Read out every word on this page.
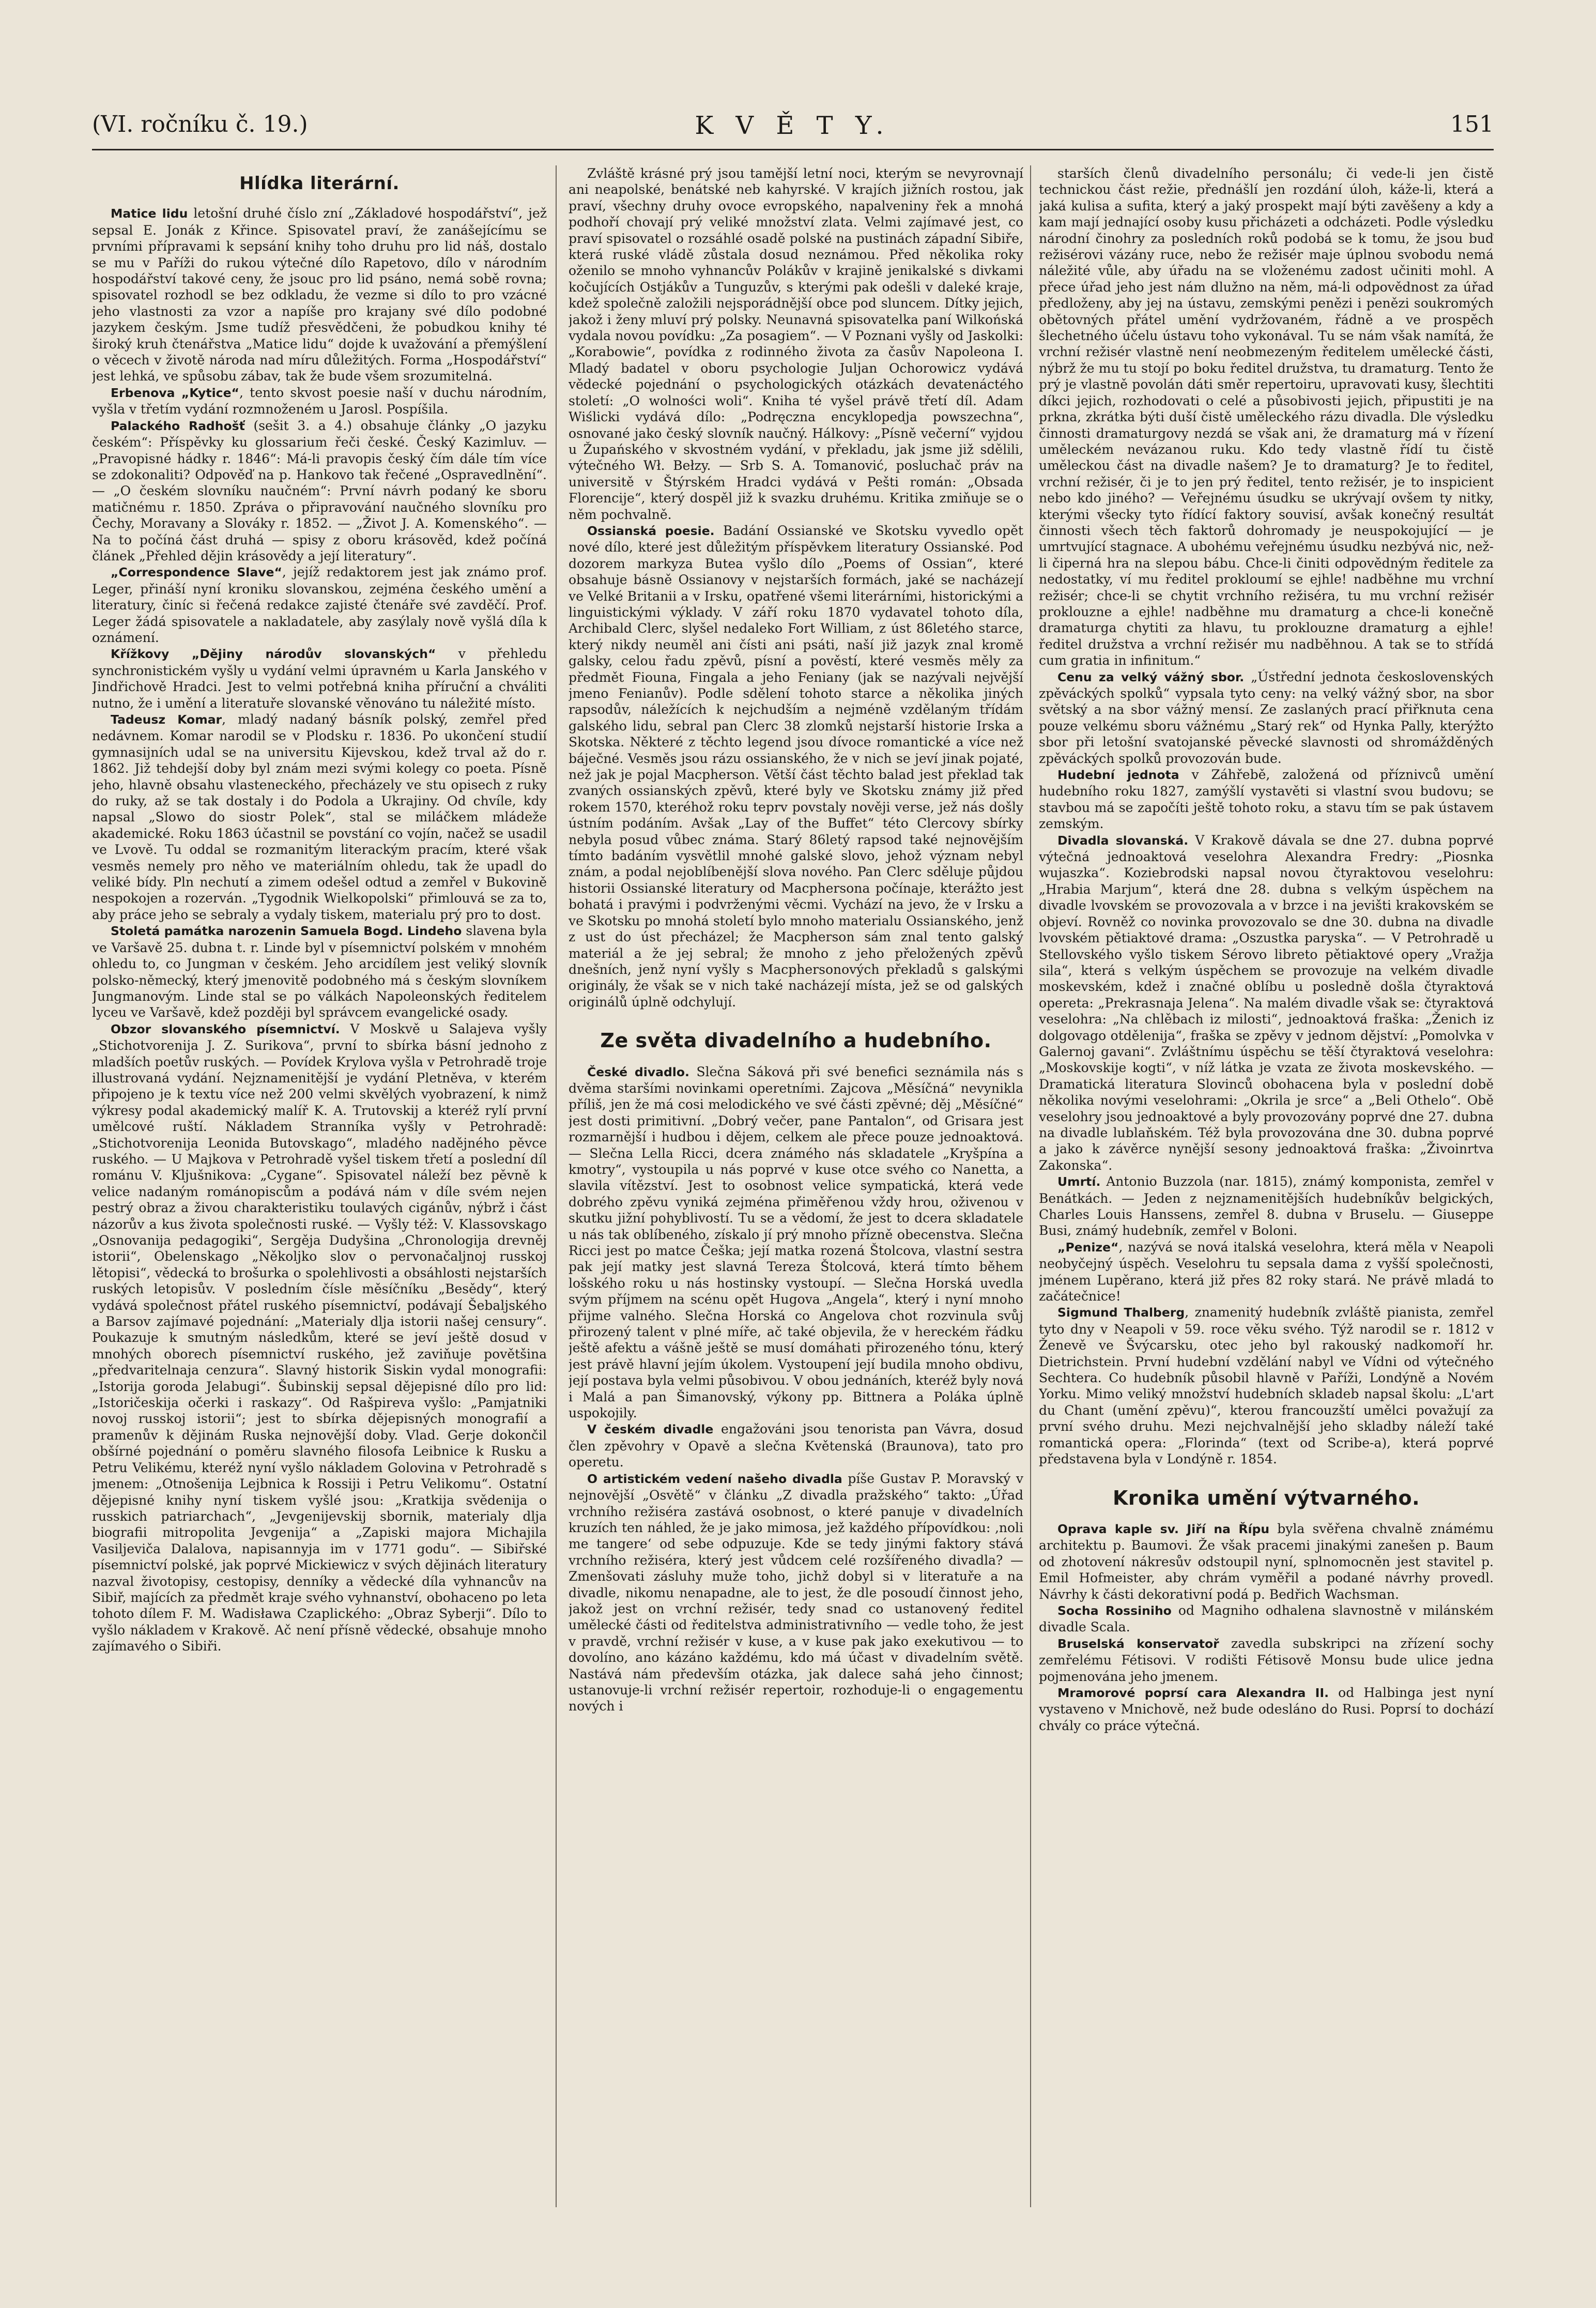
(VI. ročníku č. 19.)	K V Ě T Y.	151
Hlídka literární.

Matice lidu letošní druhé číslo zní „Základové hospodářství“, jež sepsal E. Jonák z Křince. Spisovatel praví, že zanášejícímu se prvními přípravami k sepsání knihy toho druhu pro lid náš, dostalo se mu v Paříži do rukou výtečné dílo Rapetovo, dílo v národním hospodářství takové ceny, že jsouc pro lid psáno, nemá sobě rovna; spisovatel rozhodl se bez odkladu, že vezme si dílo to pro vzácné jeho vlastnosti za vzor a napíše pro krajany své dílo podobné jazykem českým. Jsme tudíž přesvědčeni, že pobudkou knihy té široký kruh čtenářstva „Matice lidu“ dojde k uvažování a přemýšlení o věcech v životě národa nad míru důležitých. Forma „Hospodářství“ jest lehká, ve spůsobu zábav, tak že bude všem srozumitelná.

Erbenova „Kytice“, tento skvost poesie naší v duchu národním, vyšla v třetím vydání rozmnoženém u Jarosl. Pospíšila.

Palackého Radhošť (sešit 3. a 4.) obsahuje články „O jazyku českém“: Příspěvky ku glossarium řeči české. Český Kazimluv. — „Pravopisné hádky r. 1846“: Má-li pravopis český čím dále tím více se zdokonaliti? Odpověď na p. Hankovo tak řečené „Ospravedlnění“. — „O českém slovníku naučném“: První návrh podaný ke sboru matičnému r. 1850. Zpráva o připravování naučného slovníku pro Čechy, Moravany a Slováky r. 1852. — „Život J. A. Komenského“. — Na to počíná část druhá — spisy z oboru krásověd, kdež počíná článek „Přehled dějin krásovědy a její literatury“.

„Correspondence Slave“, jejíž redaktorem jest jak známo prof. Leger, přináší nyní kroniku slovanskou, zejména českého umění a literatury, činíc si řečená redakce zajisté čtenáře své zavděčí. Prof. Leger žádá spisovatele a nakladatele, aby zasýlaly nově vyšlá díla k oznámení.

Křížkovy „Dějiny národův slovanských“ v přehledu synchronistickém vyšly u vydání velmi úpravném u Karla Janského v Jindřichově Hradci. Jest to velmi potřebná kniha příruční a chváliti nutno, že i umění a literatuře slovanské věnováno tu náležité místo.

Tadeusz Komar, mladý nadaný básník polský, zemřel před nedávnem. Komar narodil se v Plodsku r. 1836. Po ukončení studií gymnasijních udal se na universitu Kijevskou, kdež trval až do r. 1862. Již tehdejší doby byl znám mezi svými kolegy co poeta. Písně jeho, hlavně obsahu vlasteneckého, přecházely ve stu opisech z ruky do ruky, až se tak dostaly i do Podola a Ukrajiny. Od chvíle, kdy napsal „Slowo do siostr Polek“, stal se miláčkem mládeže akademické. Roku 1863 účastnil se povstání co vojín, načež se usadil ve Lvově. Tu oddal se rozmanitým literackým pracím, které však vesměs nemely pro něho ve materiálním ohledu, tak že upadl do veliké bídy. Pln nechutí a zimem odešel odtud a zemřel v Bukovině nespokojen a rozerván. „Tygodnik Wielkopolski“ přimlouvá se za to, aby práce jeho se sebraly a vydaly tiskem, materialu prý pro to dost.

Stoletá památka narozenin Samuela Bogd. Lindeho slavena byla ve Varšavě 25. dubna t. r. Linde byl v písemnictví polském v mnohém ohledu to, co Jungman v českém. Jeho arcidílem jest veliký slovník polsko-německý, který jmenovitě podobného má s českým slovníkem Jungmanovým. Linde stal se po válkách Napoleonských ředitelem lyceu ve Varšavě, kdež později byl správcem evangelické osady.

Obzor slovanského písemnictví. V Moskvě u Salajeva vyšly „Stichotvorenija J. Z. Surikova“, první to sbírka básní jednoho z mladších poetův ruských. — Povídek Krylova vyšla v Petrohradě troje illustrovaná vydání. Nejznamenitější je vydání Pletněva, v kterém připojeno je k textu více než 200 velmi skvělých vyobrazení, k nimž výkresy podal akademický malíř K. A. Trutovskij a kteréž rylí první umělcové ruští. Nákladem Stranníka vyšly v Petrohradě: „Stichotvorenija Leonida Butovskago“, mladého nadějného pěvce ruského. — U Majkova v Petrohradě vyšel tiskem třetí a poslední díl románu V. Kljušnikova: „Cygane“. Spisovatel náleží bez pěvně k velice nadaným románopiscům a podává nám v díle svém nejen pestrý obraz a živou charakteristiku toulavých cigánův, nýbrž i část názorův a kus života společnosti ruské. — Vyšly též: V. Klassovskago „Osnovanija pedagogiki“, Sergěja Dudyšina „Chronologija drevněj istorii“, Obelenskago „Několjko slov o pervonačaljnoj russkoj lětopisi“, vědecká to brošurka o spolehlivosti a obsáhlosti nejstarších ruských letopisův. V posledním čísle měsíčníku „Besědy“, který vydává společnost přátel ruského písemnictví, podávají Šebaljského a Barsov zajímavé pojednání: „Materialy dlja istorii našej censury“. Poukazuje k smutným následkům, které se jeví ještě dosud v mnohých oborech písemnictví ruského, jež zaviňuje povětšina „předvaritelnaja cenzura“. Slavný historik Siskin vydal monografii: „Istorija goroda Jelabugi“. Šubinskij sepsal dějepisné dílo pro lid: „Istoričeskija očerki i raskazy“. Od Rašpireva vyšlo: „Pamjatniki novoj russkoj istorii“; jest to sbírka dějepisných monografií a pramenův k dějinám Ruska nejnovější doby. Vlad. Gerje dokončil obšírné pojednání o poměru slavného filosofa Leibnice k Rusku a Petru Velikému, kteréž nyní vyšlo nákladem Golovina v Petrohradě s jmenem: „Otnošenija Lejbnica k Rossiji i Petru Velikomu“. Ostatní dějepisné knihy nyní tiskem vyšlé jsou: „Kratkija svědenija o russkich patriarchach“, „Jevgenijevskij sbornik, materialy dlja biografii mitropolita Jevgenija“ a „Zapiski majora Michajila Vasiljeviča Dalalova, napisannyja im v 1771 godu“. — Sibiřské písemnictví polské, jak poprvé Mickiewicz v svých dějinách literatury nazval životopisy, cestopisy, denníky a vědecké díla vyhnancův na Sibiř, majících za předmět kraje svého vyhnanství, obohaceno po leta tohoto dílem F. M. Wadisława Czaplického: „Obraz Syberji“. Dílo to vyšlo nákladem v Krakově. Ač není přísně vědecké, obsahuje mnoho zajímavého o Sibiři.

Zvláště krásné prý jsou tamější letní noci, kterým se nevyrovnají ani neapolské, benátské neb kahyrské. V krajích jižních rostou, jak praví, všechny druhy ovoce evropského, napalveniny řek a mnohá podhoří chovají prý veliké množství zlata. Velmi zajímavé jest, co praví spisovatel o rozsáhlé osadě polské na pustinách západní Sibiře, která ruské vládě zůstala dosud neznámou. Před několika roky oženilo se mnoho vyhnancův Polákův v krajině jenikalské s divkami kočujících Ostjákův a Tunguzův, s kterými pak odešli v daleké kraje, kdež společně založili nejsporádnější obce pod sluncem. Dítky jejich, jakož i ženy mluví prý polsky. Neunavná spisovatelka paní Wilkońská vydala novou povídku: „Za posagiem“. — V Poznani vyšly od Jaskolki: „Korabowie“, povídka z rodinného života za časův Napoleona I. Mladý badatel v oboru psychologie Juljan Ochorowicz vydává vědecké pojednání o psychologických otázkách devatenáctého století: „O wolności woli“. Kniha té vyšel právě třetí díl. Adam Wiślicki vydává dílo: „Podręczna encyklopedja powszechna“, osnované jako český slovník naučný. Hálkovy: „Písně večerní“ vyjdou u Župańského v skvostném vydání, v překladu, jak jsme již sdělili, výtečného Wł. Bełzy. — Srb S. A. Tomanović, posluchač práv na universitě v Štýrském Hradci vydává v Pešti román: „Obsada Florencije“, který dospěl již k svazku druhému. Kritika zmiňuje se o něm pochvalně.

Ossianská poesie. Badání Ossianské ve Skotsku vyvedlo opět nové dílo, které jest důležitým příspěvkem literatury Ossianské. Pod dozorem markyza Butea vyšlo dílo „Poems of Ossian“, které obsahuje básně Ossianovy v nejstarších formách, jaké se nacházejí ve Velké Britanii a v Irsku, opatřené všemi literárními, historickými a linguistickými výklady. V září roku 1870 vydavatel tohoto díla, Archibald Clerc, slyšel nedaleko Fort William, z úst 86letého starce, který nikdy neuměl ani čísti ani psáti, naší již jazyk znal kromě galsky, celou řadu zpěvů, písní a pověstí, které vesměs měly za předmět Fiouna, Fingala a jeho Feniany (jak se nazývali nejvější jmeno Fenianův). Podle sdělení tohoto starce a několika jiných rapsodův, náležících k nejchudším a nejméně vzdělaným třídám galského lidu, sebral pan Clerc 38 zlomků nejstarší historie Irska a Skotska. Některé z těchto legend jsou dívoce romantické a více než báječné. Vesměs jsou rázu ossianského, že v nich se jeví jinak pojaté, než jak je pojal Macpherson. Větší část těchto balad jest překlad tak zvaných ossianských zpěvů, které byly ve Skotsku známy již před rokem 1570, kteréhož roku teprv povstaly nověji verse, jež nás došly ústním podáním. Avšak „Lay of the Buffet“ této Clercovy sbírky nebyla posud vůbec známa. Starý 86letý rapsod také nejnovějším tímto badáním vysvětlil mnohé galské slovo, jehož význam nebyl znám, a podal nejoblíbenější slova nového. Pan Clerc sděluje půjdou historii Ossianské literatury od Macphersona počínaje, kterážto jest bohatá i pravými i podvrženými věcmi. Vychází na jevo, že v Irsku a ve Skotsku po mnohá století bylo mnoho materialu Ossianského, jenž z ust do úst přecházel; že Macpherson sám znal tento galský materiál a že jej sebral; že mnoho z jeho přeložených zpěvů dnešních, jenž nyní vyšly s Macphersonových překladů s galskými originály, že však se v nich také nacházejí místa, jež se od galských originálů úplně odchylují.

Ze světa divadelního a hudebního.

České divadlo. Slečna Sáková při své benefici seznámila nás s dvěma staršími novinkami operetními. Zajcova „Měsíčná“ nevynikla příliš, jen že má cosi melodického ve své části zpěvné; děj „Měsíčné“ jest dosti primitivní. „Dobrý večer, pane Pantalon“, od Grisara jest rozmarnější i hudbou i dějem, celkem ale přece pouze jednoaktová. — Slečna Lella Ricci, dcera známého nás skladatele „Kryšpína a kmotry“, vystoupila u nás poprvé v kuse otce svého co Nanetta, a slavila vítězství. Jest to osobnost velice sympatická, která vede dobrého zpěvu vyniká zejména přiměřenou vždy hrou, oživenou v skutku jižní pohyblivostí. Tu se a vědomí, že jest to dcera skladatele u nás tak oblíbeného, získalo jí prý mnoho přízně obecenstva. Slečna Ricci jest po matce Češka; její matka rozená Štolcova, vlastní sestra pak její matky jest slavná Tereza Štolcová, která tímto během lošského roku u nás hostinsky vystoupí. — Slečna Horská uvedla svým příjmem na scénu opět Hugova „Angela“, který i nyní mnoho přijme valného. Slečna Horská co Angelova chot rozvinula svůj přirozený talent v plné míře, ač také objevila, že v hereckém řádku ještě afektu a vášně ještě se musí domáhati přirozeného tónu, který jest právě hlavní jejím úkolem. Vystoupení její budila mnoho obdivu, její postava byla velmi působivou. V obou jednáních, kteréž byly nová i Malá a pan Šimanovský, výkony pp. Bittnera a Poláka úplně uspokojily.

V českém divadle engažováni jsou tenorista pan Vávra, dosud člen zpěvohry v Opavě a slečna Květenská (Braunova), tato pro operetu.

O artistickém vedení našeho divadla píše Gustav P. Moravský v nejnovější „Osvětě“ v článku „Z divadla pražského“ takto: „Úřad vrchního režiséra zastává osobnost, o které panuje v divadelních kruzích ten náhled, že je jako mimosa, jež každého přípovídkou: ‚noli me tangere‘ od sebe odpuzuje. Kde se tedy jinými faktory stává vrchního režiséra, který jest vůdcem celé rozšířeného divadla? — Zmenšovati zásluhy muže toho, jichž dobyl si v literatuře a na divadle, nikomu nenapadne, ale to jest, že dle posoudí činnost jeho, jakož jest on vrchní režisér, tedy snad co ustanovený ředitel umělecké části od ředitelstva administrativního — vedle toho, že jest v pravdě, vrchní režisér v kuse, a v kuse pak jako exekutivou — to dovolíno, ano kázáno každému, kdo má účast v divadelním světě. Nastává nám především otázka, jak dalece sahá jeho činnost; ustanovuje-li vrchní režisér repertoir, rozhoduje-li o engagementu nových i

starších členů divadelního personálu; či vede-li jen čistě technickou část režie, přednášlí jen rozdání úloh, káže-li, která a jaká kulisa a sufita, který a jaký prospekt mají býti zavěšeny a kdy a kam mají jednající osoby kusu přicházeti a odcházeti. Podle výsledku národní činohry za posledních roků podobá se k tomu, že jsou buď režisérovi vázány ruce, nebo že režisér maje úplnou svobodu nemá náležité vůle, aby úřadu na se vloženému zadost učiniti mohl. A přece úřad jeho jest nám dlužno na něm, má-li odpovědnost za úřad předloženy, aby jej na ústavu, zemskými penězi i penězi soukromých obětovných přátel umění vydržovaném, řádně a ve prospěch šlechetného účelu ústavu toho vykonával. Tu se nám však namítá, že vrchní režisér vlastně není neobmezeným ředitelem umělecké části, nýbrž že mu tu stojí po boku ředitel družstva, tu dramaturg. Tento že prý je vlastně povolán dáti směr repertoiru, upravovati kusy, šlechtiti díkci jejich, rozhodovati o celé a působivosti jejich, připustiti je na prkna, zkrátka býti duší čistě uměleckého rázu divadla. Dle výsledku činnosti dramaturgovy nezdá se však ani, že dramaturg má v řízení uměleckém nevázanou ruku. Kdo tedy vlastně řídí tu čistě uměleckou část na divadle našem? Je to dramaturg? Je to ředitel, vrchní režisér, či je to jen prý ředitel, tento režisér, je to inspicient nebo kdo jiného? — Veřejnému úsudku se ukrývají ovšem ty nitky, kterými všecky tyto řídící faktory souvisí, avšak konečný resultát činnosti všech těch faktorů dohromady je neuspokojující — je umrtvující stagnace. A ubohému veřejnému úsudku nezbývá nic, než-li čiperná hra na slepou bábu. Chce-li činiti odpovědným ředitele za nedostatky, ví mu ředitel prokloumí se ejhle! nadběhne mu vrchní režisér; chce-li se chytit vrchního režiséra, tu mu vrchní režisér proklouzne a ejhle! nadběhne mu dramaturg a chce-li konečně dramaturga chytiti za hlavu, tu proklouzne dramaturg a ejhle! ředitel družstva a vrchní režisér mu nadběhnou. A tak se to střídá cum gratia in infinitum.“

Cenu za velký vážný sbor. „Ústřední jednota československých zpěváckých spolků“ vypsala tyto ceny: na velký vážný sbor, na sbor světský a na sbor vážný mensí. Ze zaslaných prací přiřknuta cena pouze velkému sboru vážnému „Starý rek“ od Hynka Pally, kterýžto sbor při letošní svatojanské pěvecké slavnosti od shromážděných zpěváckých spolků provozován bude.

Hudební jednota v Záhřebě, založená od příznivců umění hudebního roku 1827, zamýšlí vystavěti si vlastní svou budovu; se stavbou má se započíti ještě tohoto roku, a stavu tím se pak ústavem zemským.

Divadla slovanská. V Krakově dávala se dne 27. dubna poprvé výtečná jednoaktová veselohra Alexandra Fredry: „Piosnka wujaszka“. Koziebrodski napsal novou čtyraktovou veselohru: „Hrabia Marjum“, která dne 28. dubna s velkým úspěchem na divadle lvovském se provozovala a v brzce i na jevišti krakovském se objeví. Rovněž co novinka provozovalo se dne 30. dubna na divadle lvovském pětiaktové drama: „Oszustka paryska“. — V Petrohradě u Stellovského vyšlo tiskem Sérovo libreto pětiaktové opery „Vražja sila“, která s velkým úspěchem se provozuje na velkém divadle moskevském, kdež i značné oblíbu u posledně došla čtyraktová opereta: „Prekrasnaja Jelena“. Na malém divadle však se: čtyraktová veselohra: „Na chlěbach iz milosti“, jednoaktová fraška: „Ženich iz dolgovago otdělenija“, fraška se zpěvy v jednom dějství: „Pomolvka v Galernoj gavani“. Zvláštnímu úspěchu se těší čtyraktová veselohra: „Moskovskije kogti“, v níž látka je vzata ze života moskevského. — Dramatická literatura Slovinců obohacena byla v poslední době několika novými veselohrami: „Okrila je srce“ a „Beli Othelo“. Obě veselohry jsou jednoaktové a byly provozovány poprvé dne 27. dubna na divadle lublaňském. Též byla provozována dne 30. dubna poprvé a jako k závěrce nynější sesony jednoaktová fraška: „Živoinrtva Zakonska“.

Umrtí. Antonio Buzzola (nar. 1815), známý komponista, zemřel v Benátkách. — Jeden z nejznamenitějších hudebníkův belgických, Charles Louis Hanssens, zemřel 8. dubna v Bruselu. — Giuseppe Busi, známý hudebník, zemřel v Boloni.

„Penize“, nazývá se nová italská veselohra, která měla v Neapoli neobyčejný úspěch. Veselohru tu sepsala dama z vyšší společnosti, jménem Lupěrano, která již přes 82 roky stará. Ne právě mladá to začátečnice!

Sigmund Thalberg, znamenitý hudebník zvláště pianista, zemřel tyto dny v Neapoli v 59. roce věku svého. Týž narodil se r. 1812 v Ženevě ve Švýcarsku, otec jeho byl rakouský nadkomoří hr. Dietrichstein. První hudební vzdělání nabyl ve Vídni od výtečného Sechtera. Co hudebník působil hlavně v Paříži, Londýně a Novém Yorku. Mimo veliký množství hudebních skladeb napsal školu: „L'art du Chant (umění zpěvu)“, kterou francouzští umělci považují za první svého druhu. Mezi nejchvalnější jeho skladby náleží také romantická opera: „Florinda“ (text od Scribe-a), která poprvé představena byla v Londýně r. 1854.

Kronika umění výtvarného.

Oprava kaple sv. Jiří na Řípu byla svěřena chvalně známému architektu p. Baumovi. Že však pracemi jinakými zanešen p. Baum od zhotovení nákresův odstoupil nyní, splnomocněn jest stavitel p. Emil Hofmeister, aby chrám vyměřil a podané návrhy provedl. Návrhy k části dekorativní podá p. Bedřich Wachsman.

Socha Rossiniho od Magniho odhalena slavnostně v milánském divadle Scala.

Bruselská konservatoř zavedla subskripci na zřízení sochy zemřelému Fétisovi. V rodišti Fétisově Monsu bude ulice jedna pojmenována jeho jmenem.

Mramorové poprsí cara Alexandra II. od Halbinga jest nyní vystaveno v Mnichově, než bude odesláno do Rusi. Poprsí to dochází chvály co práce výtečná.
